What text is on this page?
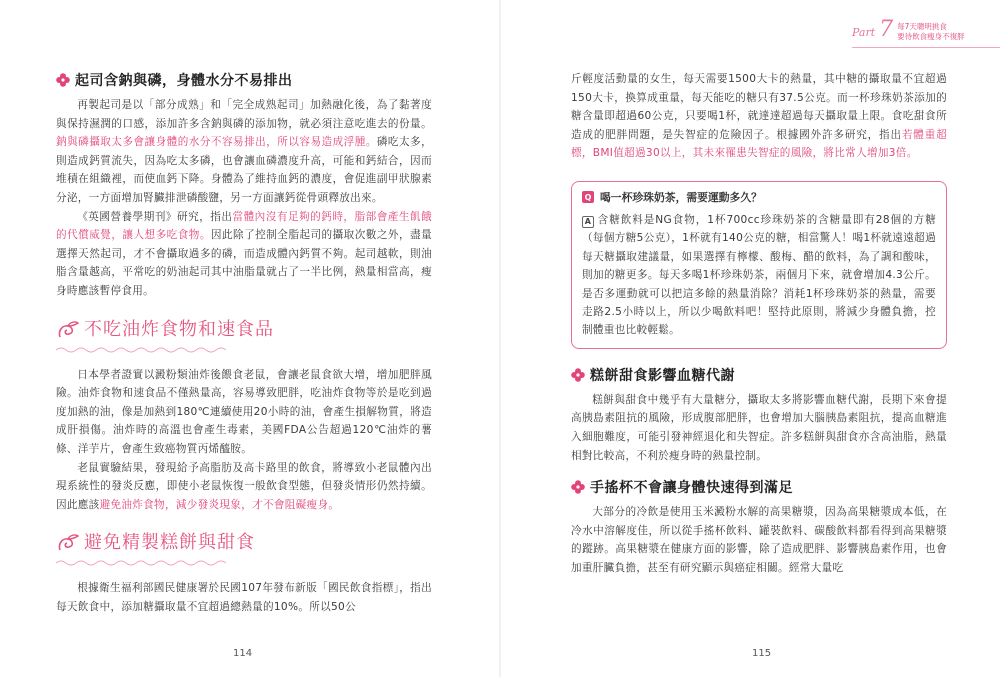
Part 7 每7天聰明挑食
要待飲食瘦身不復胖
起司含鈉與磷，身體水分不易排出

再製起司是以「部分成熟」和「完全成熟起司」加熱融化後，為了黏著度與保持濕潤的口感，添加許多含鈉與磷的添加物，就必須注意吃進去的份量。鈉與磷攝取太多會讓身體的水分不容易排出，所以容易造成浮腫。磷吃太多，則造成鈣質流失，因為吃太多磷，也會讓血磷濃度升高，可能和鈣結合，因而堆積在組織裡，而使血鈣下降。身體為了維持血鈣的濃度，會促進副甲狀腺素分泌，一方面增加腎臟排泄磷酸鹽，另一方面讓鈣從骨頭釋放出來。

《英國營養學期刊》研究，指出當體內沒有足夠的鈣時，脂部會產生飢餓的代償威覺，讓人想多吃食物。因此除了控制全脂起司的攝取次數之外，盡量選擇天然起司，才不會攝取過多的磷，而造成體內鈣質不夠。起司越軟，則油脂含量越高，平常吃的奶油起司其中油脂量就占了一半比例，熱量相當高，瘦身時應該暫停食用。

不吃油炸食物和速食品

日本學者證實以澱粉類油炸後餵食老鼠，會讓老鼠食欲大增，增加肥胖風險。油炸食物和速食品不僅熱量高，容易導致肥胖，吃油炸食物等於是吃到過度加熱的油，像是加熱到180℃連續使用20小時的油，會產生損解物質，將造成肝損傷。油炸時的高溫也會產生毒素，美國FDA公告超過120℃油炸的薯條、洋芋片，會產生致癌物質丙烯醯胺。

老鼠實驗結果，發現給予高脂肪及高卡路里的飲食，將導致小老鼠體內出現系統性的發炎反應，即使小老鼠恢復一般飲食型態，但發炎情形仍然持續。因此應該避免油炸食物，減少發炎現象，才不會阻礙瘦身。

避免精製糕餅與甜食

根據衛生福利部國民健康署於民國107年發布新版「國民飲食指標」，指出每天飲食中，添加糖攝取量不宜超過總熱量的10%。所以50公

114

斤輕度活動量的女生，每天需要1500大卡的熱量，其中糖的攝取量不宜超過150大卡，換算成重量，每天能吃的糖只有37.5公克。而一杯珍珠奶茶添加的糖含量即超過60公克，只要喝1杯，就達達超過每天攝取量上限。食吃甜食所造成的肥胖問題，是失智症的危險因子。根據國外許多研究，指出若體重超標，BMI值超過30以上，其未來罹患失智症的風險，將比常人增加3倍。

Q 喝一杯珍珠奶茶，需要運動多久？

A 含糖飲料是NG食物，1杯700cc珍珠奶茶的含糖量即有28個的方糖（每個方糖5公克），1杯就有140公克的糖，相當驚人！喝1杯就遠遠超過每天糖攝取建議量，如果選擇有檸檬、酸梅、醋的飲料，為了調和酸味，則加的糖更多。每天多喝1杯珍珠奶茶，兩個月下來，就會增加4.3公斤。是否多運動就可以把這多餘的熱量消除？消耗1杯珍珠奶茶的熱量，需要走路2.5小時以上，所以少喝飲料吧！堅持此原則，將減少身體負擔，控制體重也比較輕鬆。

糕餅甜食影響血糖代謝

糕餅與甜食中幾乎有大量糖分，攝取太多將影響血糖代謝，長期下來會提高胰島素阻抗的風險，形成腹部肥胖，也會增加大腦胰島素阻抗，提高血糖進入細胞難度，可能引發神經退化和失智症。許多糕餅與甜食亦含高油脂，熱量相對比較高，不利於瘦身時的熱量控制。

手搖杯不會讓身體快速得到滿足

大部分的冷飲是使用玉米澱粉水解的高果糖漿，因為高果糖漿成本低，在冷水中溶解度佳，所以從手搖杯飲料、罐裝飲料、碳酸飲料都看得到高果糖漿的蹤跡。高果糖漿在健康方面的影響，除了造成肥胖、影響胰島素作用，也會加重肝臟負擔，甚至有研究顯示與癌症相關。經常大量吃

115
